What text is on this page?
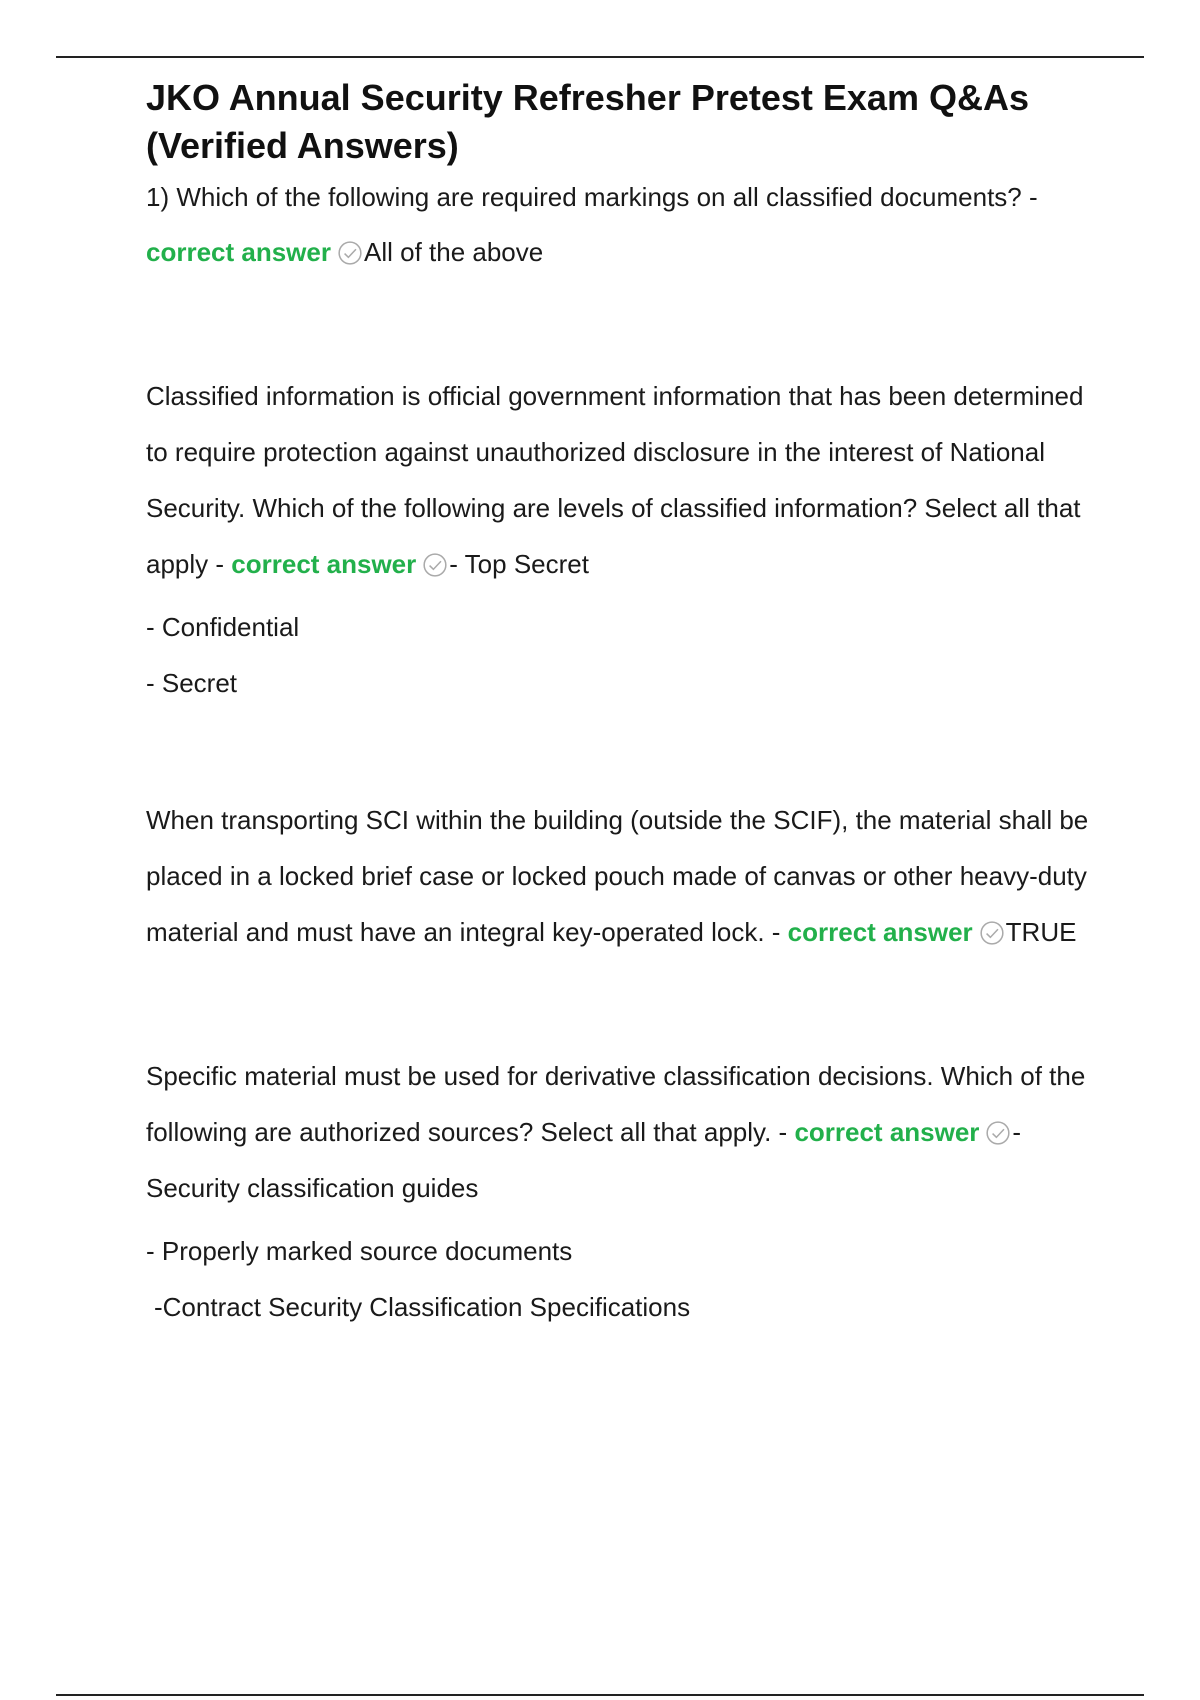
JKO Annual Security Refresher Pretest Exam Q&As (Verified Answers)

1) Which of the following are required markings on all classified documents? - correct answer All of the above

Classified information is official government information that has been determined to require protection against unauthorized disclosure in the interest of National Security. Which of the following are levels of classified information? Select all that apply - correct answer - Top Secret

- Confidential

- Secret

When transporting SCI within the building (outside the SCIF), the material shall be placed in a locked brief case or locked pouch made of canvas or other heavy-duty material and must have an integral key-operated lock. - correct answer TRUE

Specific material must be used for derivative classification decisions. Which of the following are authorized sources? Select all that apply. - correct answer - Security classification guides

- Properly marked source documents

-Contract Security Classification Specifications
